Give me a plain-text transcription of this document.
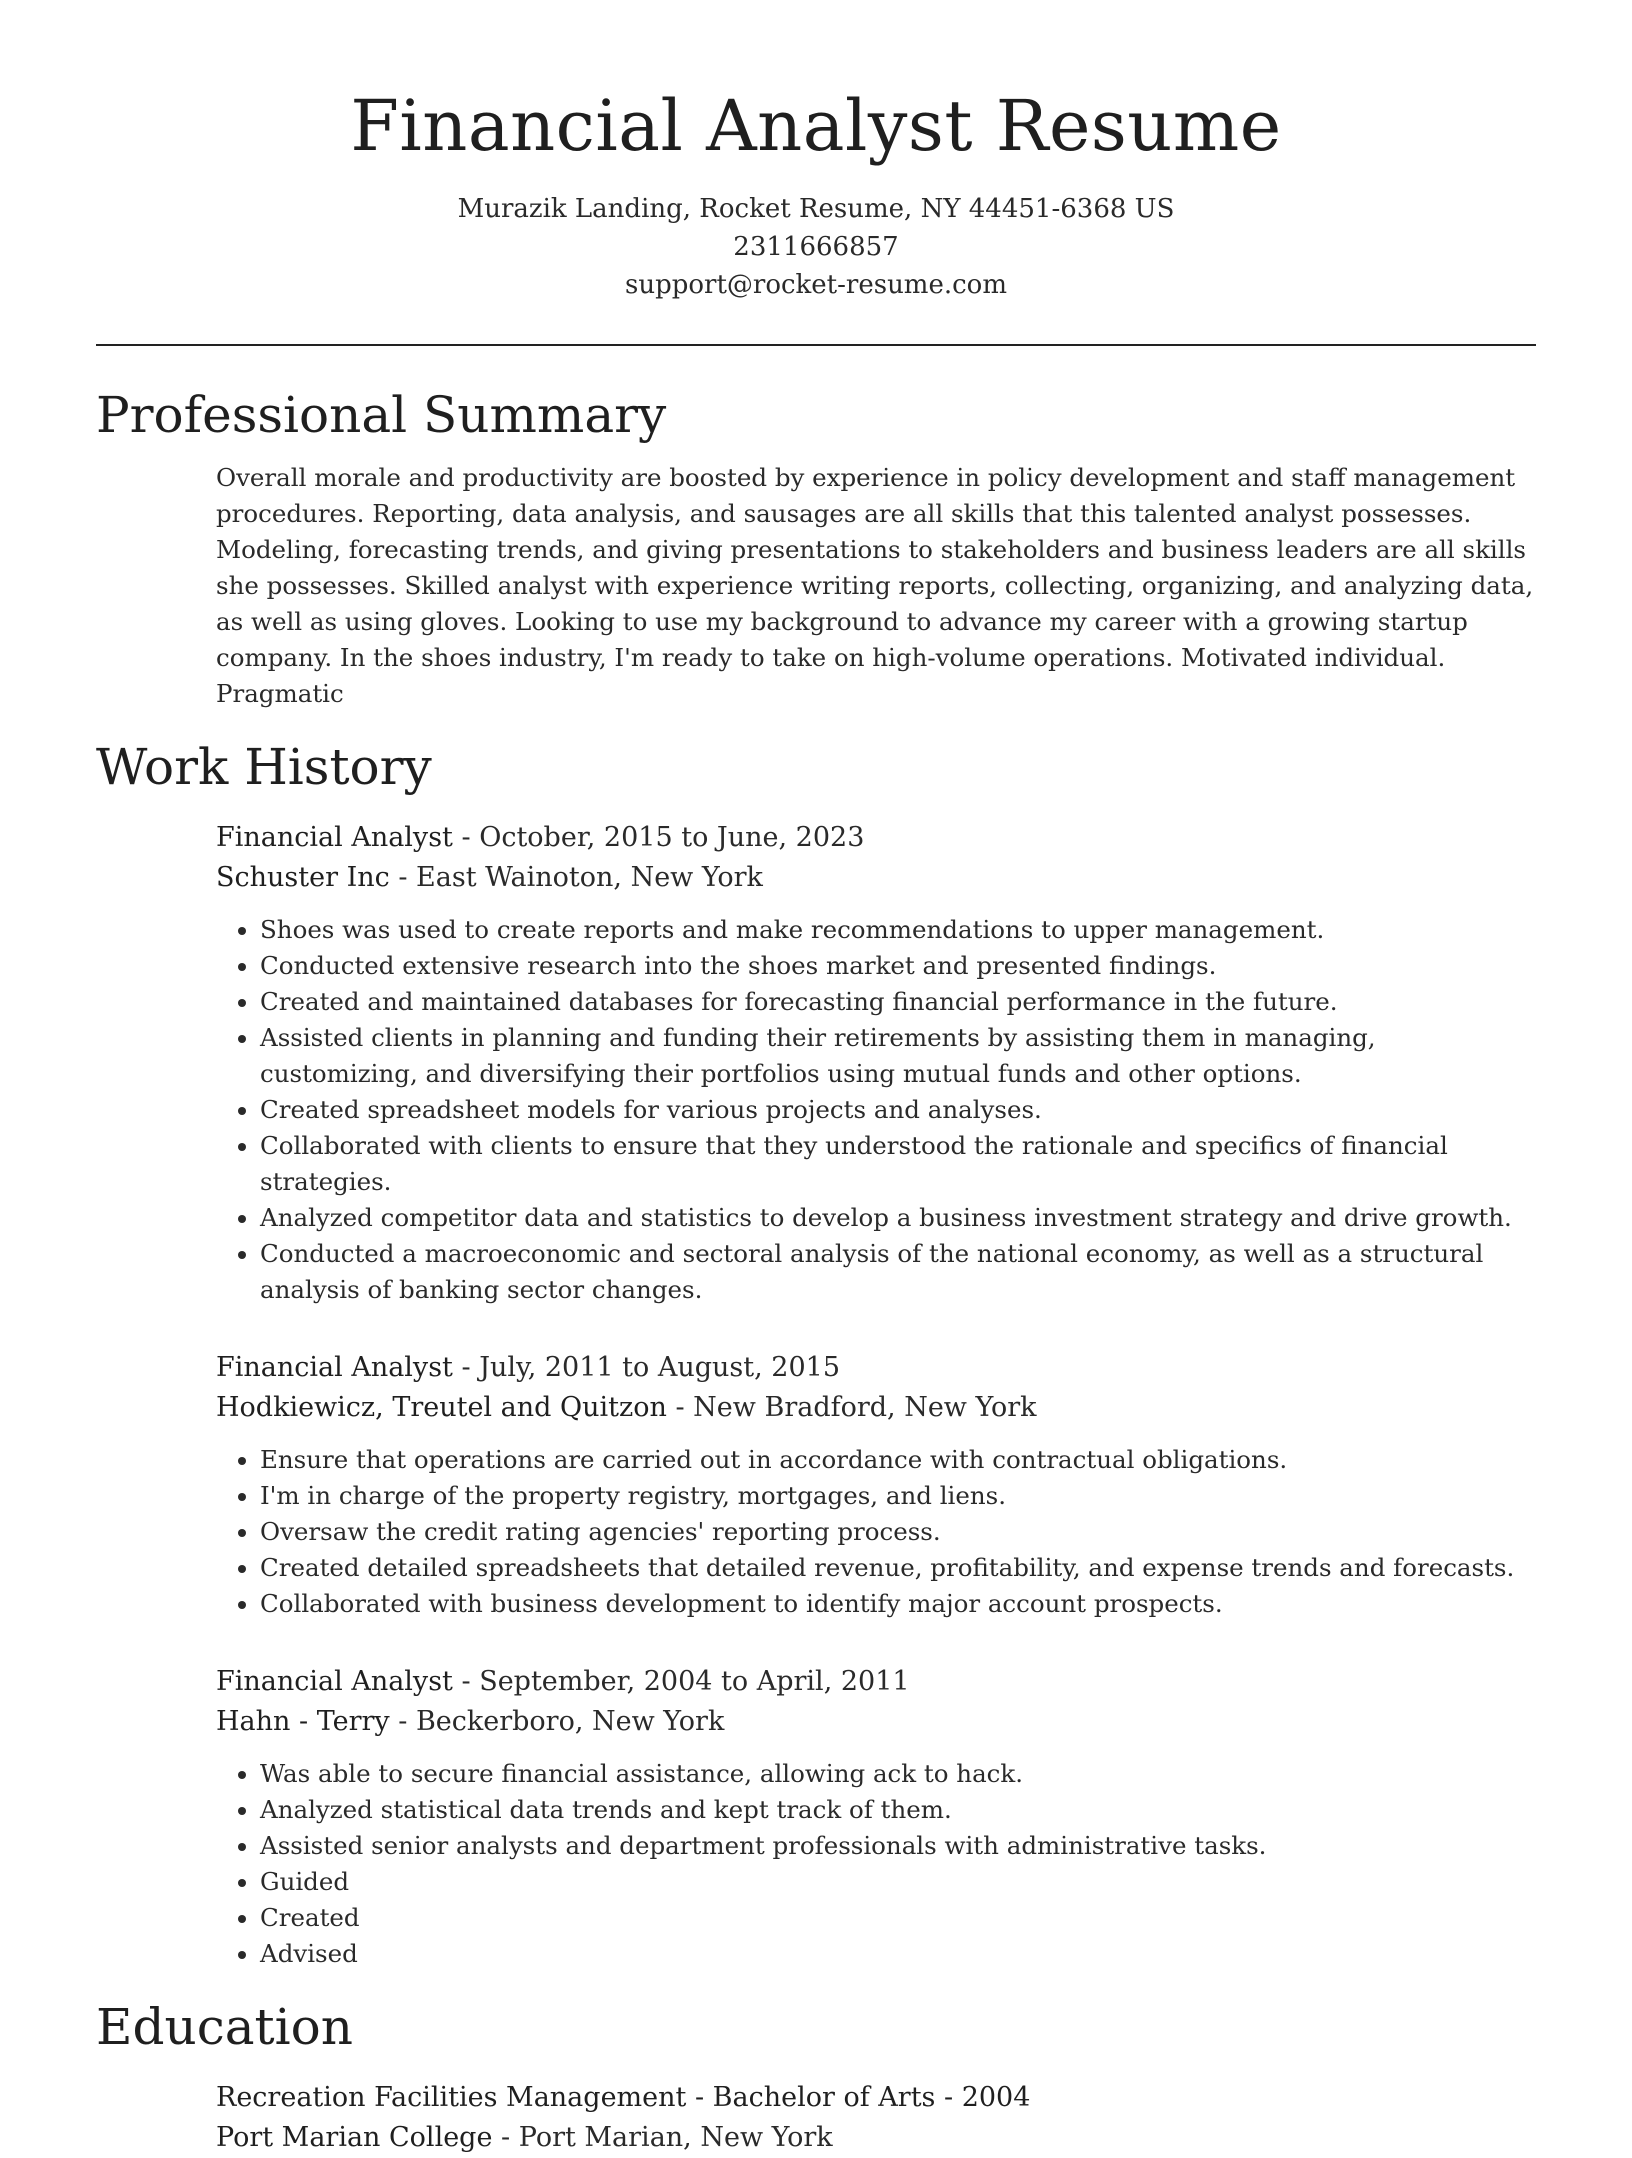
Financial Analyst Resume
Murazik Landing, Rocket Resume, NY 44451-6368 US
2311666857
support@rocket-resume.com
Professional Summary
Overall morale and productivity are boosted by experience in policy development and staff management procedures. Reporting, data analysis, and sausages are all skills that this talented analyst possesses. Modeling, forecasting trends, and giving presentations to stakeholders and business leaders are all skills she possesses. Skilled analyst with experience writing reports, collecting, organizing, and analyzing data, as well as using gloves. Looking to use my background to advance my career with a growing startup company. In the shoes industry, I'm ready to take on high-volume operations. Motivated individual. Pragmatic
Work History
Financial Analyst - October, 2015 to June, 2023
Schuster Inc - East Wainoton, New York
• Shoes was used to create reports and make recommendations to upper management.
• Conducted extensive research into the shoes market and presented findings.
• Created and maintained databases for forecasting financial performance in the future.
• Assisted clients in planning and funding their retirements by assisting them in managing, customizing, and diversifying their portfolios using mutual funds and other options.
• Created spreadsheet models for various projects and analyses.
• Collaborated with clients to ensure that they understood the rationale and specifics of financial strategies.
• Analyzed competitor data and statistics to develop a business investment strategy and drive growth.
• Conducted a macroeconomic and sectoral analysis of the national economy, as well as a structural analysis of banking sector changes.
Financial Analyst - July, 2011 to August, 2015
Hodkiewicz, Treutel and Quitzon - New Bradford, New York
• Ensure that operations are carried out in accordance with contractual obligations.
• I'm in charge of the property registry, mortgages, and liens.
• Oversaw the credit rating agencies' reporting process.
• Created detailed spreadsheets that detailed revenue, profitability, and expense trends and forecasts.
• Collaborated with business development to identify major account prospects.
Financial Analyst - September, 2004 to April, 2011
Hahn - Terry - Beckerboro, New York
• Was able to secure financial assistance, allowing ack to hack.
• Analyzed statistical data trends and kept track of them.
• Assisted senior analysts and department professionals with administrative tasks.
• Guided
• Created
• Advised
Education
Recreation Facilities Management - Bachelor of Arts - 2004
Port Marian College - Port Marian, New York
